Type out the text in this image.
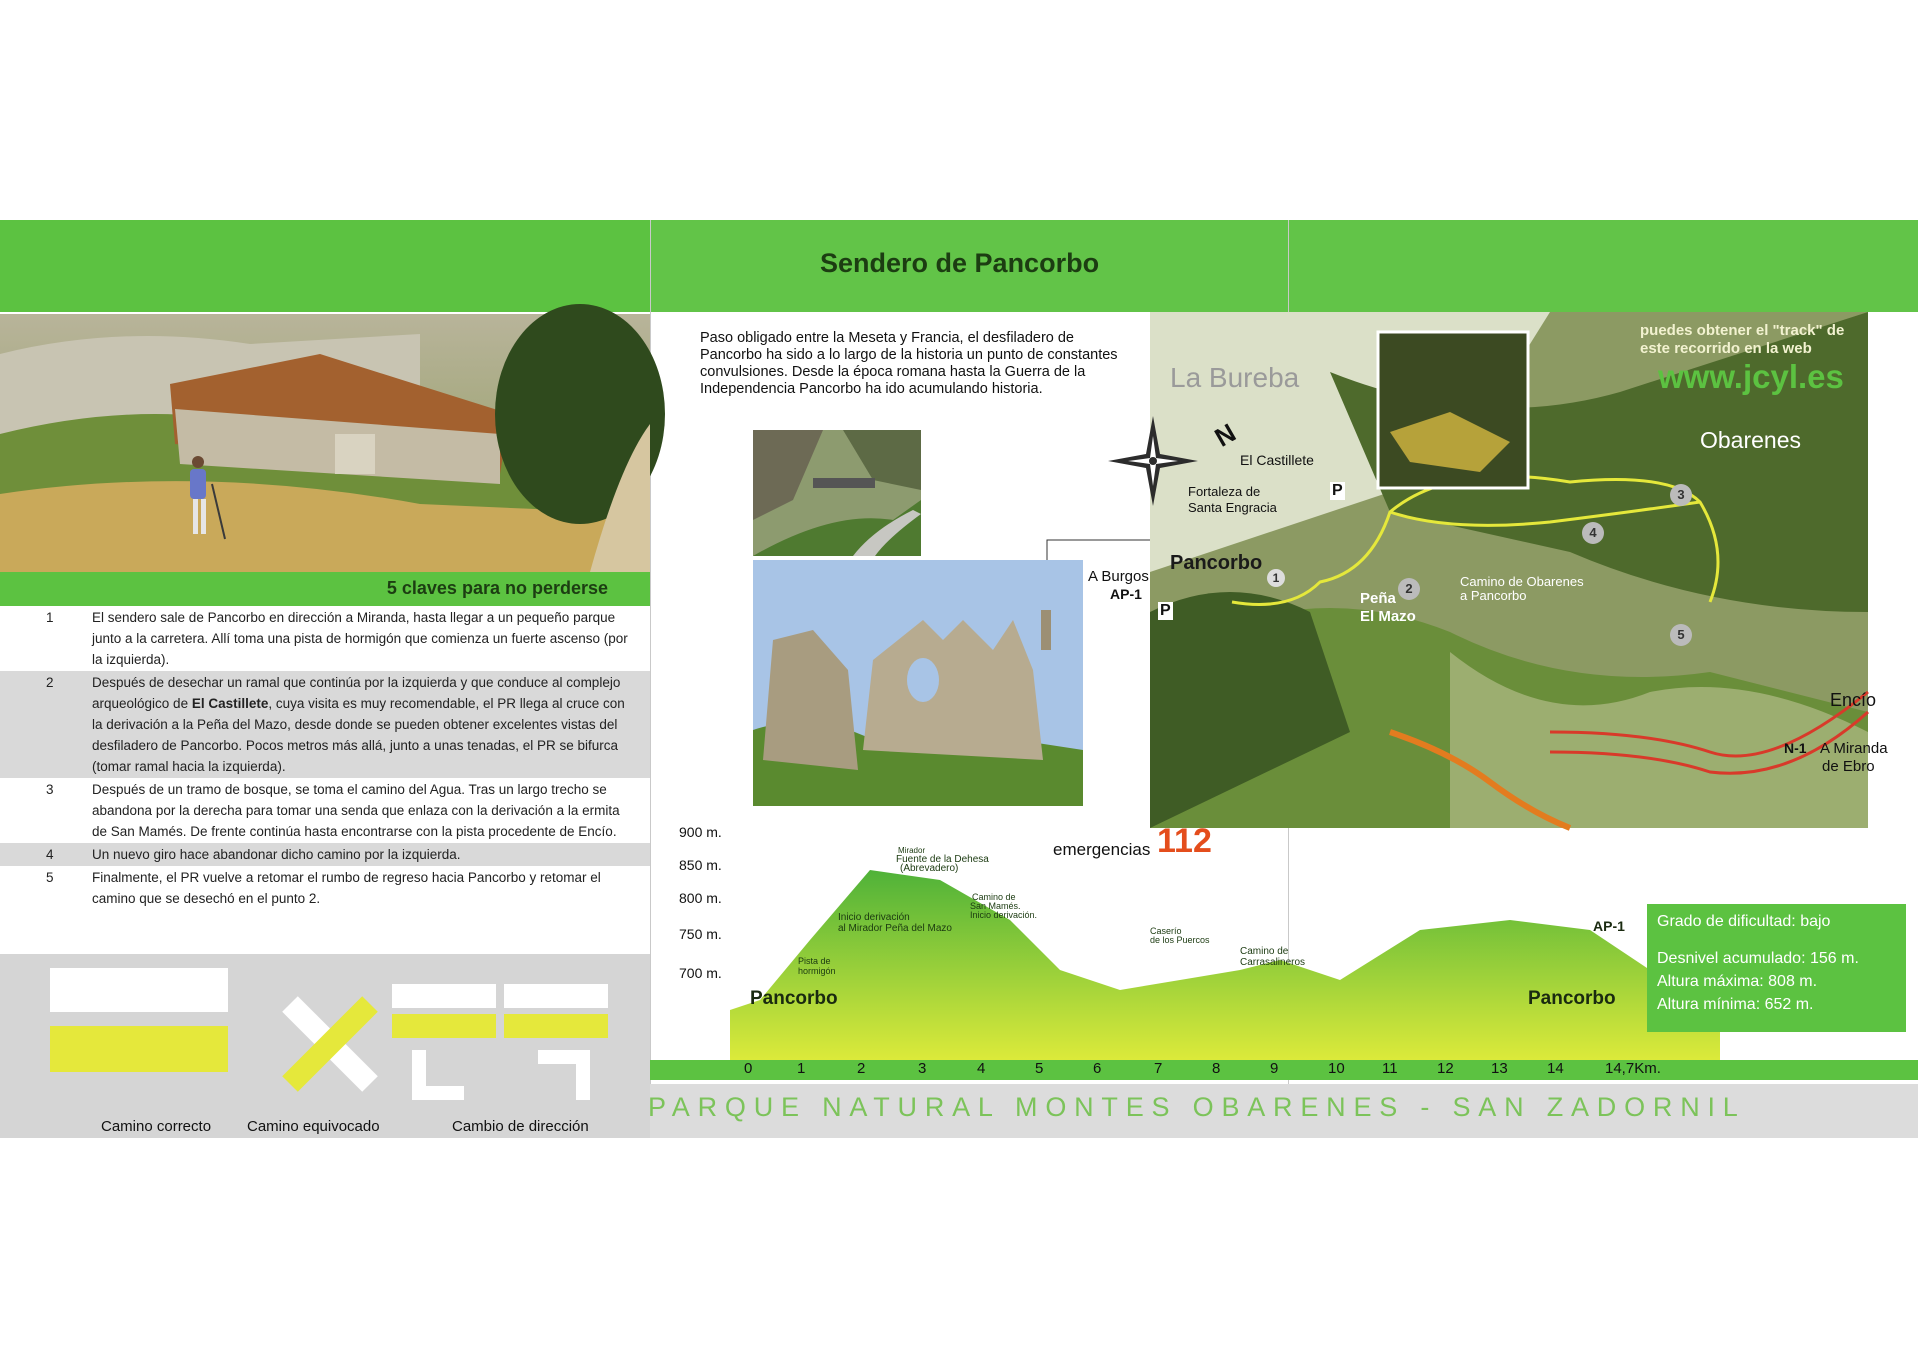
Sendero de Pancorbo
5 claves para no perderse
1	El sendero sale de Pancorbo en dirección a Miranda, hasta llegar a un pequeño parque junto a la carretera. Allí toma una pista de hormigón que comienza un fuerte ascenso (por la izquierda).
2	Después de desechar un ramal que continúa por la izquierda y que conduce al complejo arqueológico de El Castillete, cuya visita es muy recomendable, el PR llega al cruce con la derivación a la Peña del Mazo, desde donde se pueden obtener excelentes vistas del desfiladero de Pancorbo. Pocos metros más allá, junto a unas tenadas, el PR se bifurca (tomar ramal hacia la izquierda).
3	Después de un tramo de bosque, se toma el camino del Agua. Tras un largo trecho se abandona por la derecha para tomar una senda que enlaza con la derivación a la ermita de San Mamés. De frente continúa hasta encontrarse con la pista procedente de Encío.
4	Un nuevo giro hace abandonar dicho camino por la izquierda.
5	Finalmente, el PR vuelve a retomar el rumbo de regreso hacia Pancorbo y retomar el camino que se desechó en el punto 2.
Camino correcto Camino equivocado	Cambio de dirección
Paso obligado entre la Meseta y Francia, el desfiladero de Pancorbo ha sido a lo largo de la historia un punto de constantes convulsiones. Desde la época romana hasta la Guerra de la Independencia Pancorbo ha ido acumulando historia.
1
2
3
4
5
La Bureba
puedes obtener el "track" de
este recorrido en la web
www.jcyl.es
Obarenes
El Castillete
Fortaleza de
Santa Engracia
Pancorbo
Peña
El Mazo
Camino de Obarenes
a Pancorbo
Encío
N-1 A Miranda
de Ebro
P
P
A Burgos
AP-1
N
900 m.
850 m.
800 m.
750 m.
700 m.
Pancorbo	Pancorbo
AP-1
Mirador
Fuente de la Dehesa
(Abrevadero)
Inicio derivación
al Mirador Peña del Mazo
Camino de
San Mamés.
Inicio derivación.
Pista de
hormigón
Caserío
de los Puercos
Camino de
Carrasalineros
emergencias 112
Grado de dificultad: bajo
Desnivel acumulado: 156 m.
Altura máxima: 808 m.
Altura mínima: 652 m.
0	1	2	3	4	5	6	7	8	9	10 11	12 13	14	14,7Km.
PARQUE NATURAL MONTES OBARENES - SAN ZADORNIL
